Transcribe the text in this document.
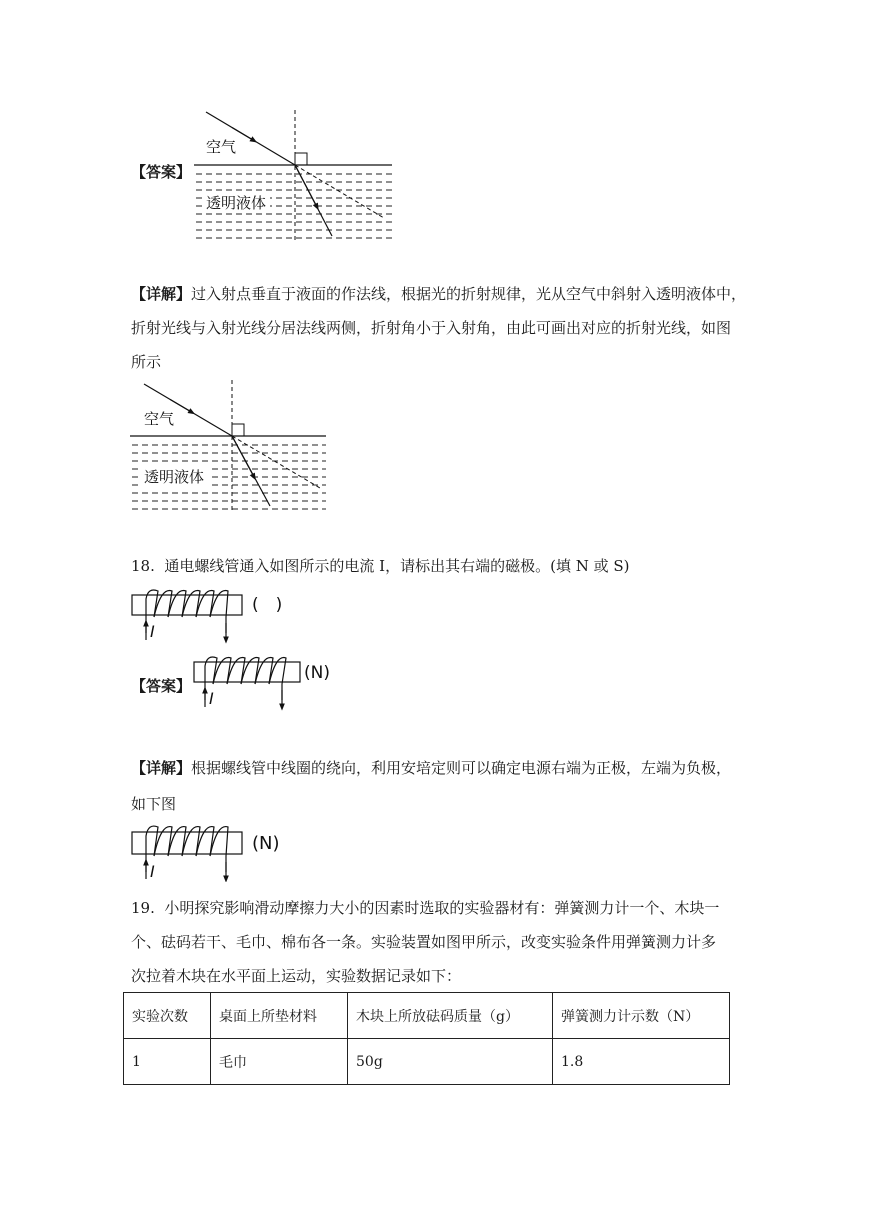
【答案】
空气
透明液体
【详解】过入射点垂直于液面的作法线，根据光的折射规律，光从空气中斜射入透明液体中，
折射光线与入射光线分居法线两侧，折射角小于入射角，由此可画出对应的折射光线，如图
所示
空气
透明液体
18. 通电螺线管通入如图所示的电流 I，请标出其右端的磁极。(填 N 或 S)
I
(　)
【答案】
I
(N)
【详解】根据螺线管中线圈的绕向，利用安培定则可以确定电源右端为正极，左端为负极，
如下图
I
(N)
19. 小明探究影响滑动摩擦力大小的因素时选取的实验器材有：弹簧测力计一个、木块一
个、砝码若干、毛巾、棉布各一条。实验装置如图甲所示，改变实验条件用弹簧测力计多
次拉着木块在水平面上运动，实验数据记录如下：
实验次数	桌面上所垫材料	木块上所放砝码质量（g）	弹簧测力计示数（N）
1	毛巾	50g	1.8
